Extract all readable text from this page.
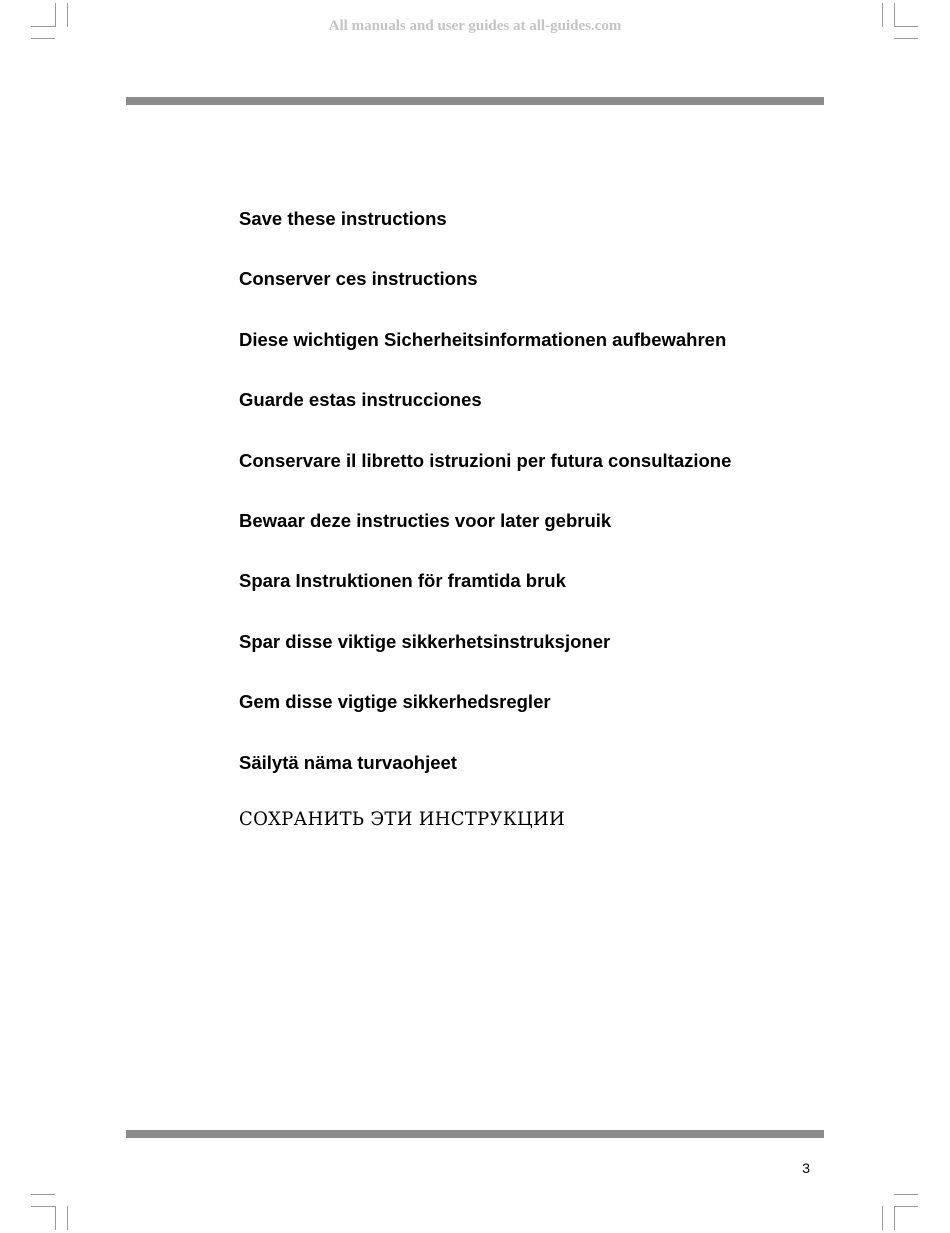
All manuals and user guides at all-guides.com
Save these instructions
Conserver ces instructions
Diese wichtigen Sicherheitsinformationen aufbewahren
Guarde estas instrucciones
Conservare il libretto istruzioni per futura consultazione
Bewaar deze instructies voor later gebruik
Spara Instruktionen för framtida bruk
Spar disse viktige sikkerhetsinstruksjoner
Gem disse vigtige sikkerhedsregler
Säilytä näma turvaohjeet
СОХРАНИТЬ ЭТИ ИНСТРУКЦИИ
3
